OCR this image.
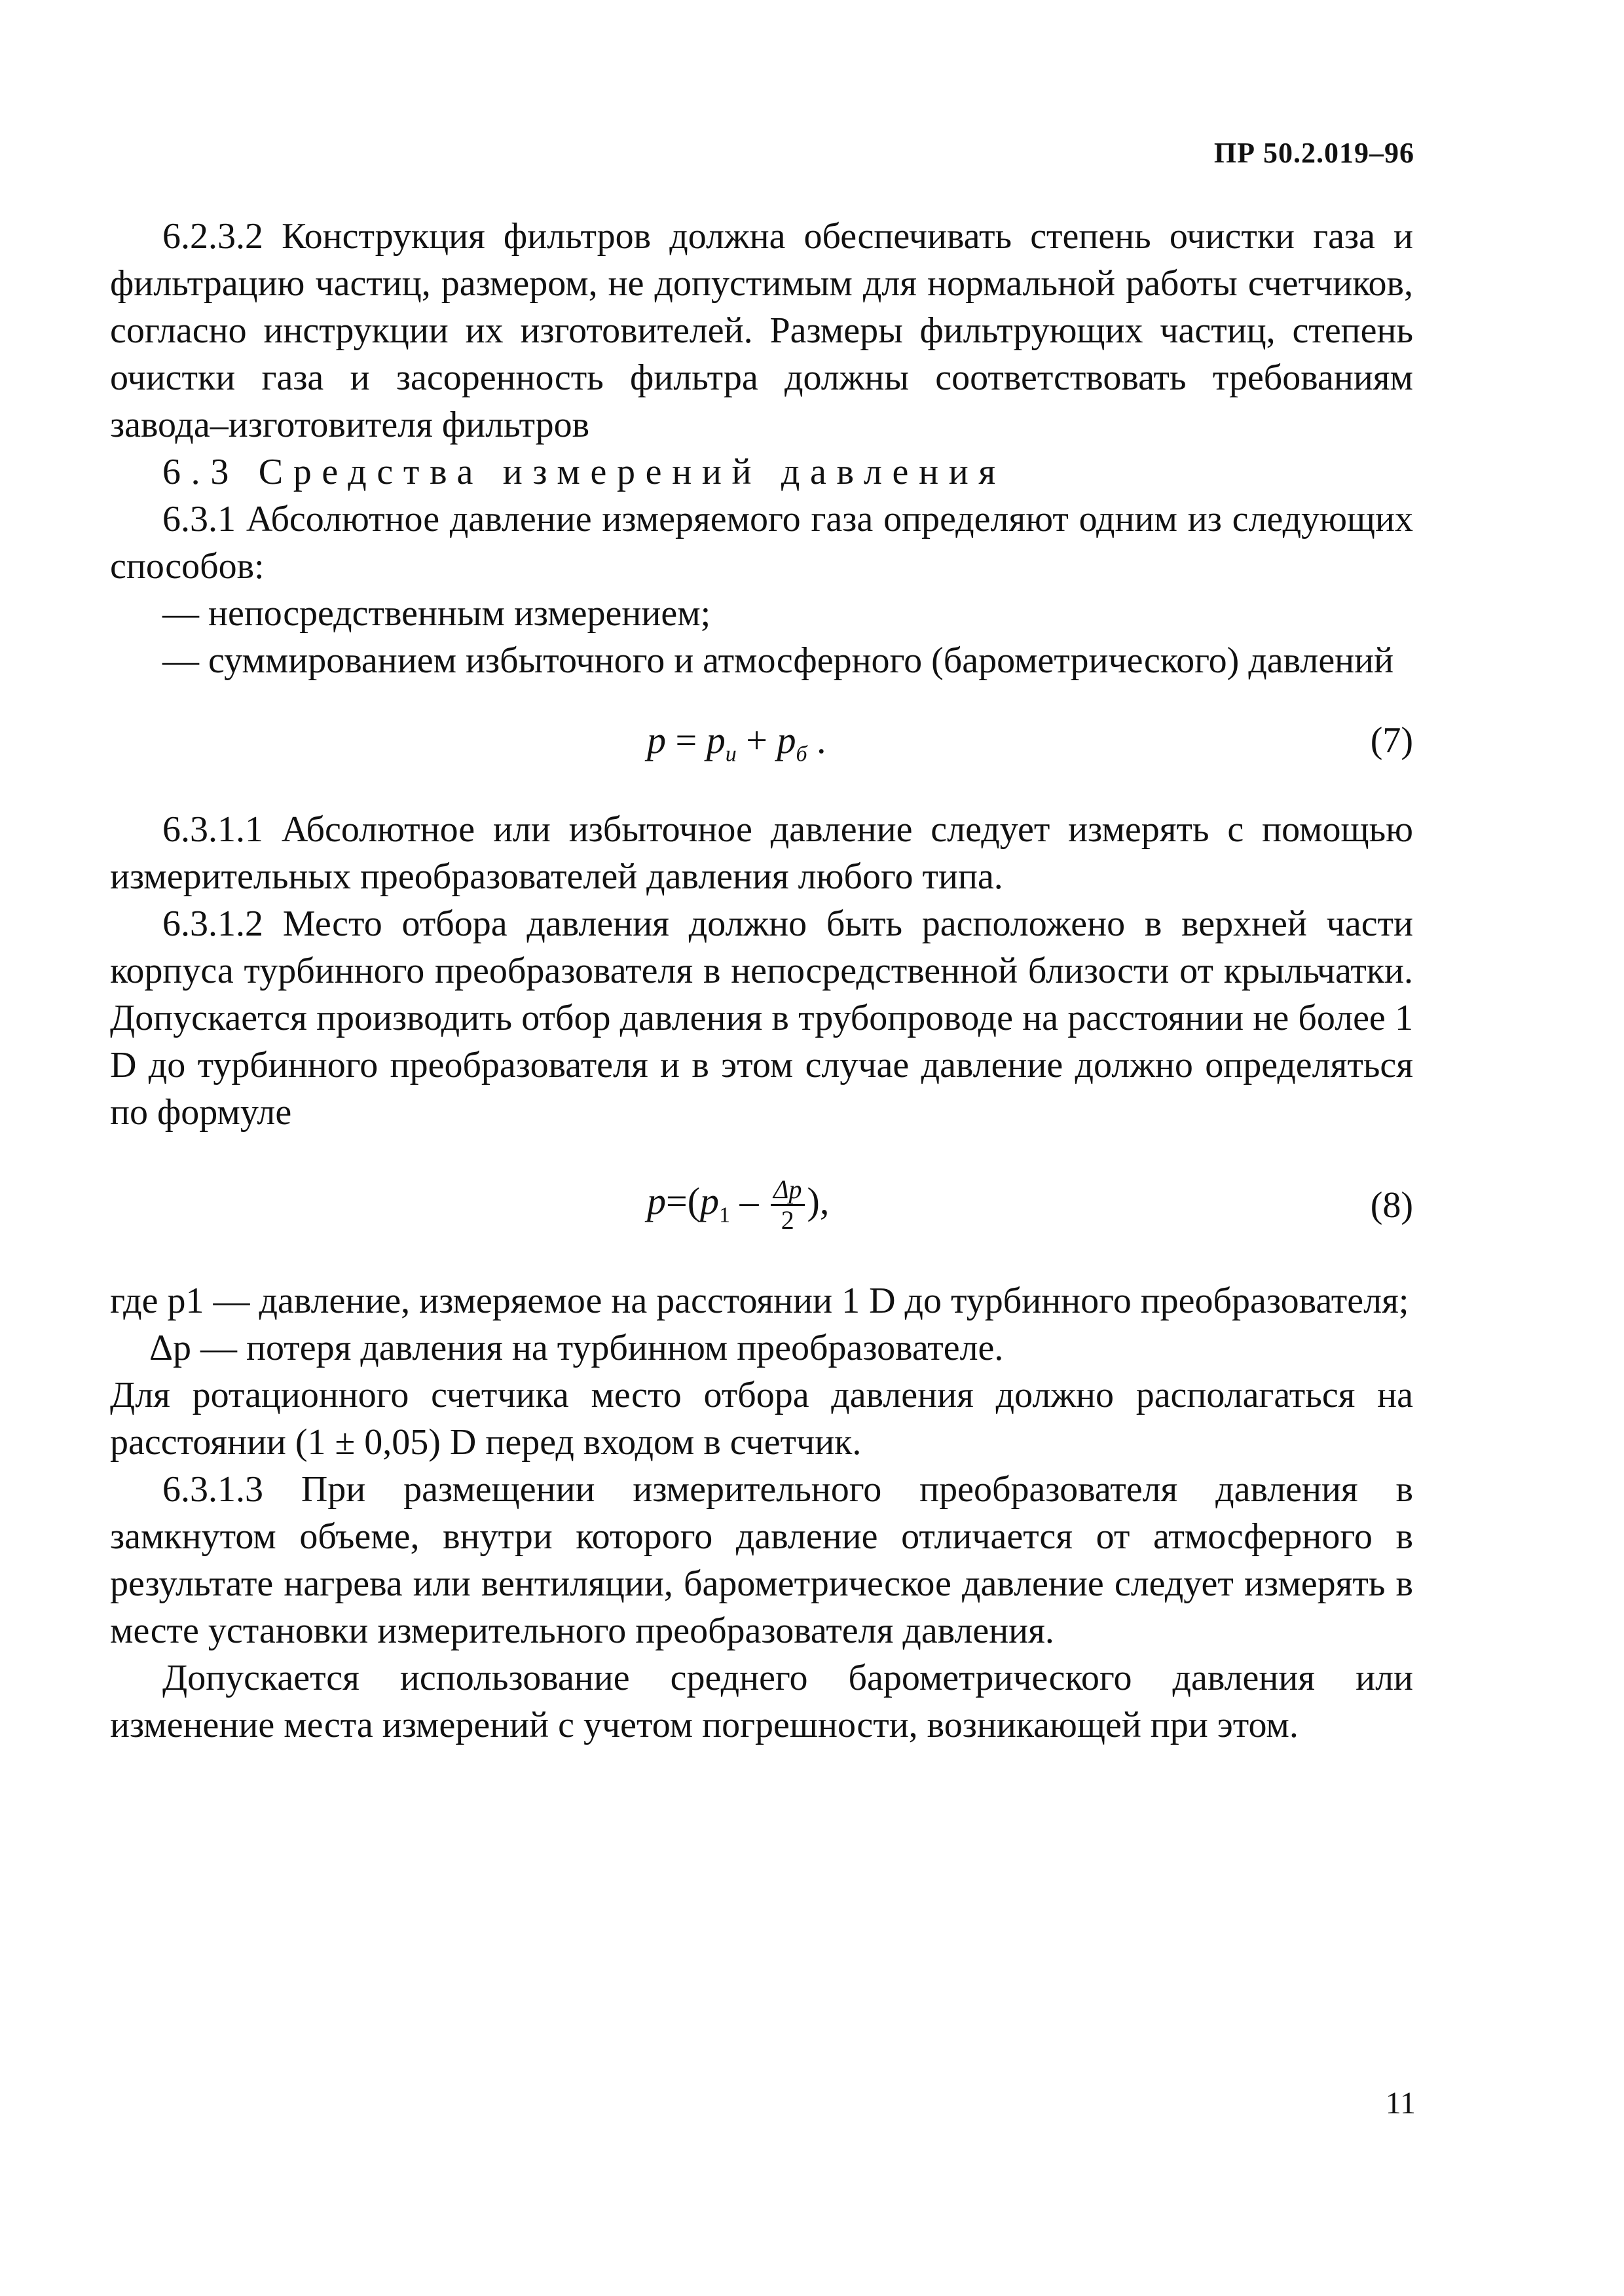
ПР 50.2.019–96

6.2.3.2 Конструкция фильтров должна обеспечивать степень очистки газа и фильтрацию частиц, размером, не допустимым для нормальной работы счетчиков, согласно инструкции их изготовителей. Размеры фильтрующих частиц, степень очистки газа и засоренность фильтра должны соответствовать требованиям завода–изготовителя фильтров

6.3 Средства измерений давления

6.3.1 Абсолютное давление измеряемого газа определяют одним из следующих способов:

— непосредственным измерением;

— суммированием избыточного и атмосферного (барометрического) давлений

$p = p_и + p_б$ .	(7)

6.3.1.1 Абсолютное или избыточное давление следует измерять с помощью измерительных преобразователей давления любого типа.

6.3.1.2 Место отбора давления должно быть расположено в верхней части корпуса турбинного преобразователя в непосредственной близости от крыльчатки. Допускается производить отбор давления в трубопроводе на расстоянии не более 1 D до турбинного преобразователя и в этом случае давление должно определяться по формуле

$p=(p_1 - \frac{\Delta p}{2}$ ),	(8)

где p1 — давление, измеряемое на расстоянии 1 D до турбинного преобразователя;

Δp — потеря давления на турбинном преобразователе.

Для ротационного счетчика место отбора давления должно располагаться на расстоянии (1 ± 0,05) D перед входом в счетчик.

6.3.1.3 При размещении измерительного преобразователя давления в замкнутом объеме, внутри которого давление отличается от атмосферного в результате нагрева или вентиляции, барометрическое давление следует измерять в месте установки измерительного преобразователя давления.

Допускается использование среднего барометрического давления или изменение места измерений с учетом погрешности, возникающей при этом.

11
